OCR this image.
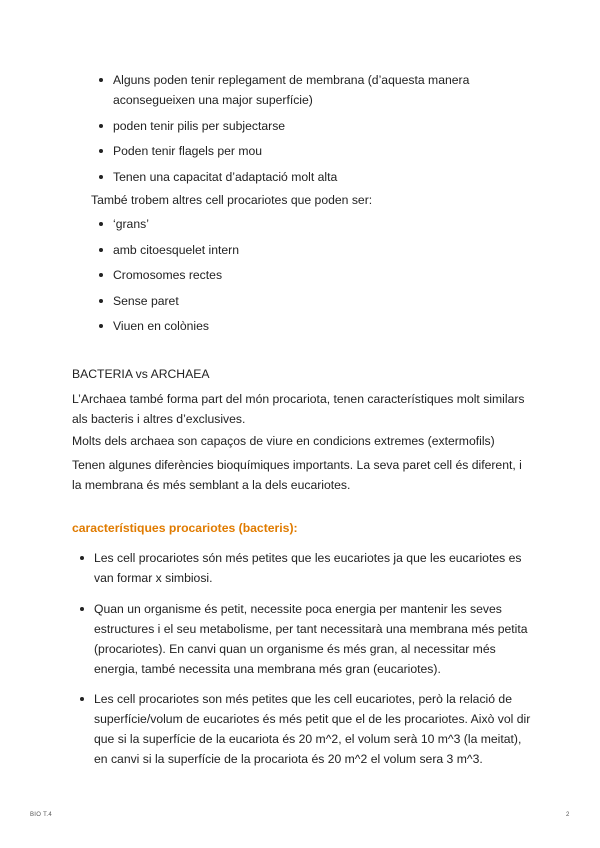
Alguns poden tenir replegament de membrana (d’aquesta manera aconsegueixen una major superfície)
poden tenir pilis per subjectarse
Poden tenir flagels per mou
Tenen una capacitat d’adaptació molt alta
També trobem altres cell procariotes que poden ser:
‘grans’
amb citoesquelet intern
Cromosomes rectes
Sense paret
Viuen en colònies
BACTERIA vs ARCHAEA
L’Archaea també forma part del món procariota, tenen característiques molt similars als bacteris i altres d’exclusives.
Molts dels archaea son capaços de viure en condicions extremes (extermofils)
Tenen algunes diferències bioquímiques importants. La seva paret cell és diferent, i la membrana és més semblant a la dels eucariotes.
característiques procariotes (bacteris):
Les cell procariotes són més petites que les eucariotes ja que les eucariotes es van formar x simbiosi.
Quan un organisme és petit, necessite poca energia per mantenir les seves estructures i el seu metabolisme, per tant necessitarà una membrana més petita (procariotes). En canvi quan un organisme és més gran, al necessitar més energia, també necessita una membrana més gran (eucariotes).
Les cell procariotes son més petites que les cell eucariotes, però la relació de superfície/volum de eucariotes és més petit que el de les procariotes. Això vol dir que si la superfície de la eucariota és 20 m^2, el volum serà 10 m^3 (la meitat), en canvi si la superfície de la procariota és 20 m^2 el volum sera 3 m^3.
BIO T.4	2
